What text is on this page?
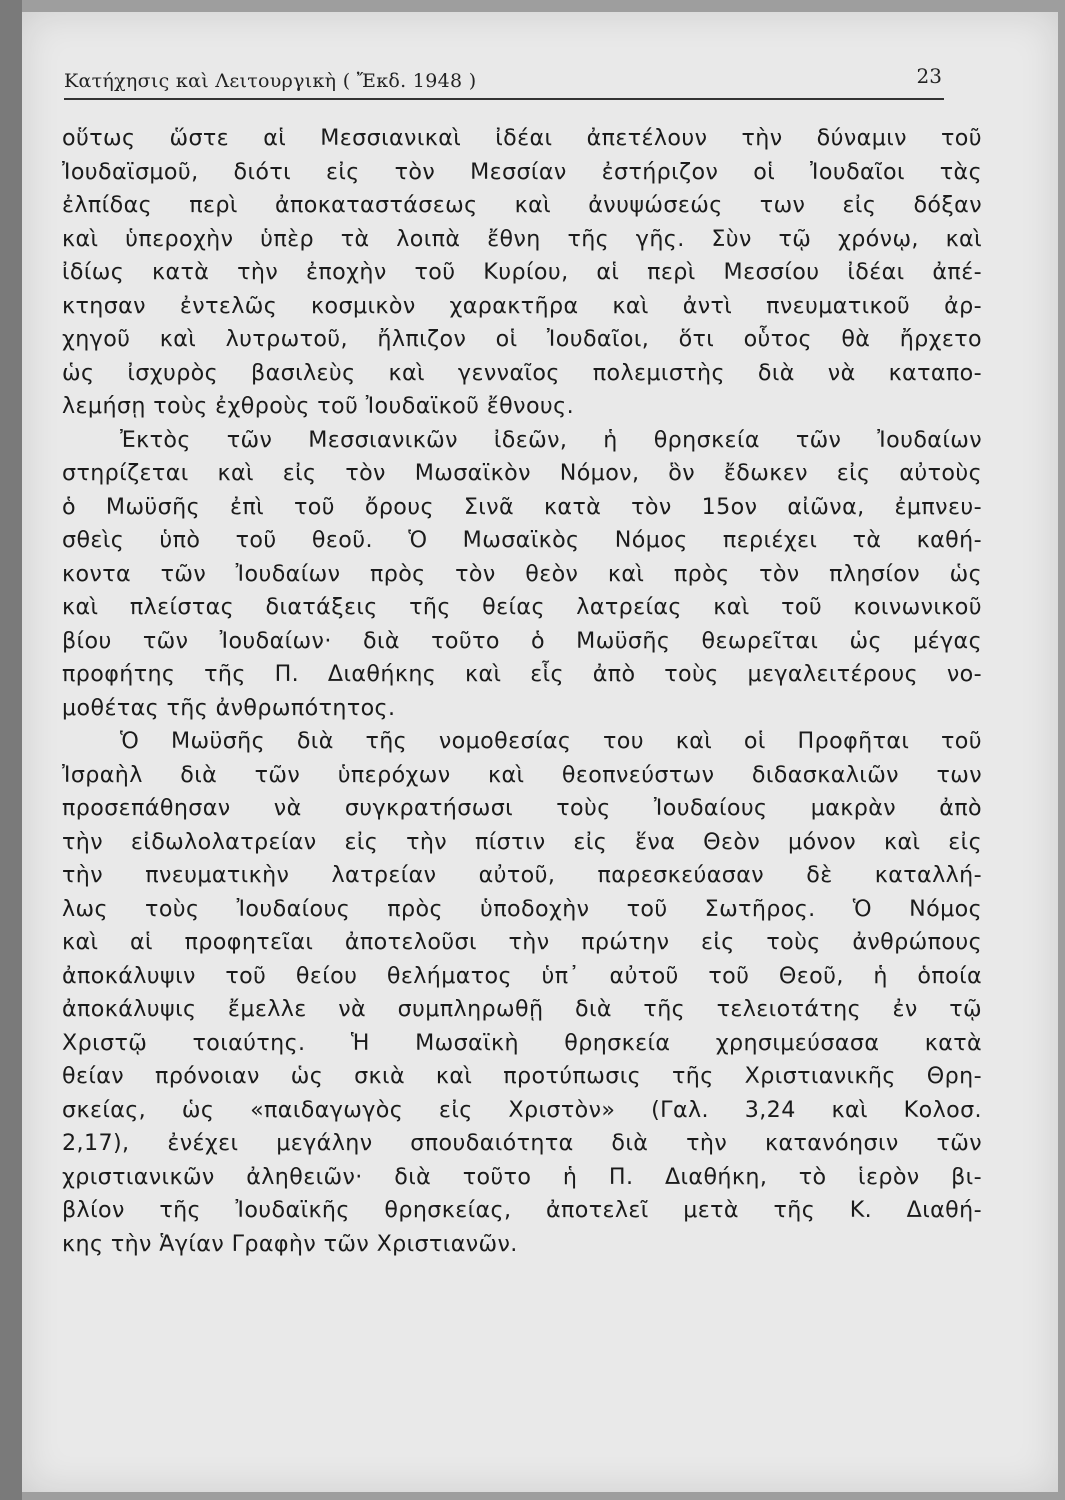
Κατήχησις καὶ Λειτουργικὴ ( Ἔκδ. 1948 )	23
οὕτως ὥστε αἱ Μεσσιανικαὶ ἰδέαι ἀπετέλουν τὴν δύναμιν τοῦ
Ἰουδαϊσμοῦ, διότι εἰς τὸν Μεσσίαν ἐστήριζον οἱ Ἰουδαῖοι τὰς
ἐλπίδας περὶ ἀποκαταστάσεως καὶ ἀνυψώσεώς των εἰς δόξαν
καὶ ὑπεροχὴν ὑπὲρ τὰ λοιπὰ ἔθνη τῆς γῆς. Σὺν τῷ χρόνῳ, καὶ
ἰδίως κατὰ τὴν ἐποχὴν τοῦ Κυρίου, αἱ περὶ Μεσσίου ἰδέαι ἀπέ-
κτησαν ἐντελῶς κοσμικὸν χαρακτῆρα καὶ ἀντὶ πνευματικοῦ ἀρ-
χηγοῦ καὶ λυτρωτοῦ, ἤλπιζον οἱ Ἰουδαῖοι, ὅτι οὗτος θὰ ἤρχετο
ὡς ἰσχυρὸς βασιλεὺς καὶ γενναῖος πολεμιστὴς διὰ νὰ καταπο-
λεμήσῃ τοὺς ἐχθροὺς τοῦ Ἰουδαϊκοῦ ἔθνους.
Ἐκτὸς τῶν Μεσσιανικῶν ἰδεῶν, ἡ θρησκεία τῶν Ἰουδαίων
στηρίζεται καὶ εἰς τὸν Μωσαϊκὸν Νόμον, ὃν ἔδωκεν εἰς αὐτοὺς
ὁ Μωϋσῆς ἐπὶ τοῦ ὄρους Σινᾶ κατὰ τὸν 15ον αἰῶνα, ἐμπνευ-
σθεὶς ὑπὸ τοῦ θεοῦ. Ὁ Μωσαϊκὸς Νόμος περιέχει τὰ καθή-
κοντα τῶν Ἰουδαίων πρὸς τὸν θεὸν καὶ πρὸς τὸν πλησίον ὡς
καὶ πλείστας διατάξεις τῆς θείας λατρείας καὶ τοῦ κοινωνικοῦ
βίου τῶν Ἰουδαίων· διὰ τοῦτο ὁ Μωϋσῆς θεωρεῖται ὡς μέγας
προφήτης τῆς Π. Διαθήκης καὶ εἷς ἀπὸ τοὺς μεγαλειτέρους νο-
μοθέτας τῆς ἀνθρωπότητος.
Ὁ Μωϋσῆς διὰ τῆς νομοθεσίας του καὶ οἱ Προφῆται τοῦ
Ἰσραὴλ διὰ τῶν ὑπερόχων καὶ θεοπνεύστων διδασκαλιῶν των
προσεπάθησαν νὰ συγκρατήσωσι τοὺς Ἰουδαίους μακρὰν ἀπὸ
τὴν εἰδωλολατρείαν εἰς τὴν πίστιν εἰς ἕνα Θεὸν μόνον καὶ εἰς
τὴν πνευματικὴν λατρείαν αὐτοῦ, παρεσκεύασαν δὲ καταλλή-
λως τοὺς Ἰουδαίους πρὸς ὑποδοχὴν τοῦ Σωτῆρος. Ὁ Νόμος
καὶ αἱ προφητεῖαι ἀποτελοῦσι τὴν πρώτην εἰς τοὺς ἀνθρώπους
ἀποκάλυψιν τοῦ θείου θελήματος ὑπ᾿ αὐτοῦ τοῦ Θεοῦ, ἡ ὁποία
ἀποκάλυψις ἔμελλε νὰ συμπληρωθῇ διὰ τῆς τελειοτάτης ἐν τῷ
Χριστῷ τοιαύτης. Ἡ Μωσαϊκὴ θρησκεία χρησιμεύσασα κατὰ
θείαν πρόνοιαν ὡς σκιὰ καὶ προτύπωσις τῆς Χριστιανικῆς Θρη-
σκείας, ὡς «παιδαγωγὸς εἰς Χριστὸν» (Γαλ. 3,24 καὶ Κολοσ.
2,17), ἐνέχει μεγάλην σπουδαιότητα διὰ τὴν κατανόησιν τῶν
χριστιανικῶν ἀληθειῶν· διὰ τοῦτο ἡ Π. Διαθήκη, τὸ ἱερὸν βι-
βλίον τῆς Ἰουδαϊκῆς θρησκείας, ἀποτελεῖ μετὰ τῆς Κ. Διαθή-
κης τὴν Ἁγίαν Γραφὴν τῶν Χριστιανῶν.
